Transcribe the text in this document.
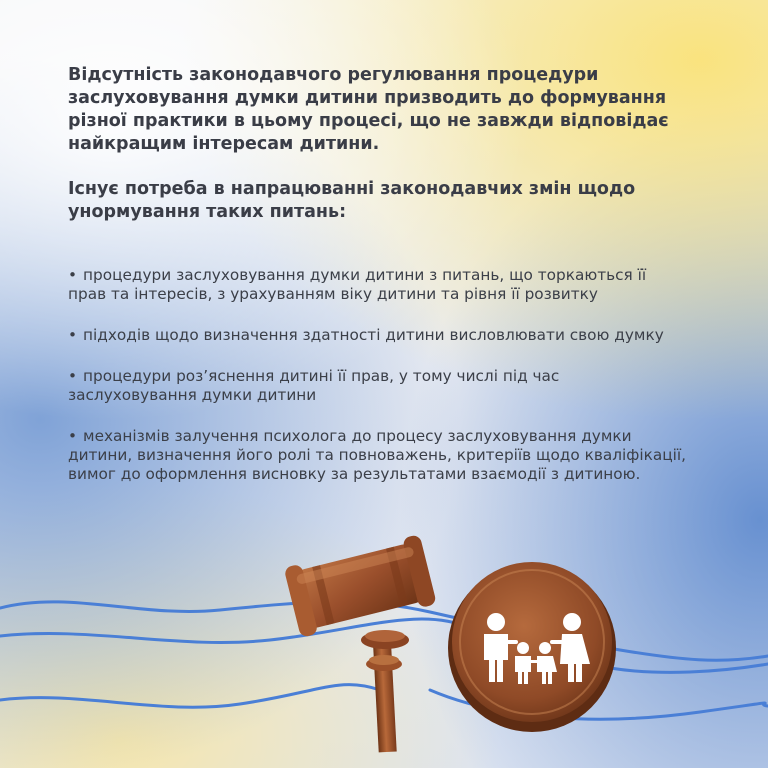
Відсутність законодавчого регулювання процедури заслуховування думки дитини призводить до формування різної практики в цьому процесі, що не завжди відповідає найкращим інтересам дитини.

Існує потреба в напрацюванні законодавчих змін щодо унормування таких питань:

• процедури заслуховування думки дитини з питань, що торкаються її прав та інтересів, з урахуванням віку дитини та рівня її розвитку

• підходів щодо визначення здатності дитини висловлювати свою думку

• процедури роз’яснення дитині її прав, у тому числі під час заслуховування думки дитини

• механізмів залучення психолога до процесу заслуховування думки дитини, визначення його ролі та повноважень, критеріїв щодо кваліфікації, вимог до оформлення висновку за результатами взаємодії з дитиною.
